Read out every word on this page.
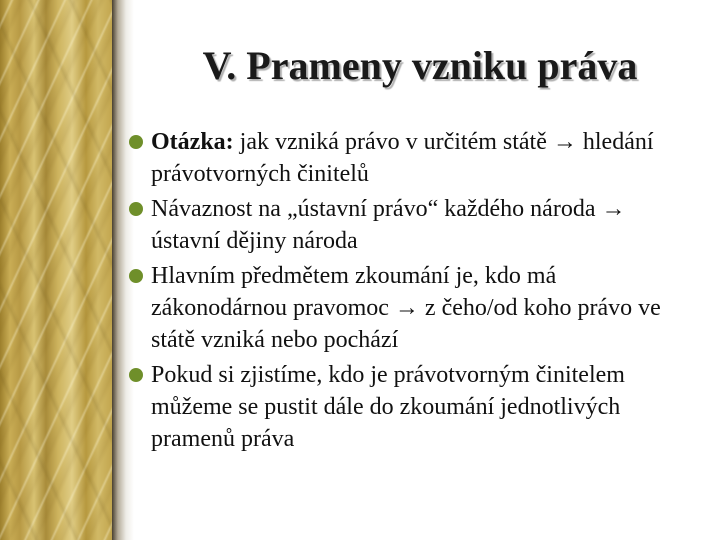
V. Prameny vzniku práva
Otázka: jak vzniká právo v určitém státě → hledání právotvorných činitelů
Návaznost na „ústavní právo“ každého národa → ústavní dějiny národa
Hlavním předmětem zkoumání je, kdo má zákonodárnou pravomoc → z čeho/od koho právo ve státě vzniká nebo pochází
Pokud si zjistíme, kdo je právotvorným činitelem můžeme se pustit dále do zkoumání jednotlivých pramenů práva
